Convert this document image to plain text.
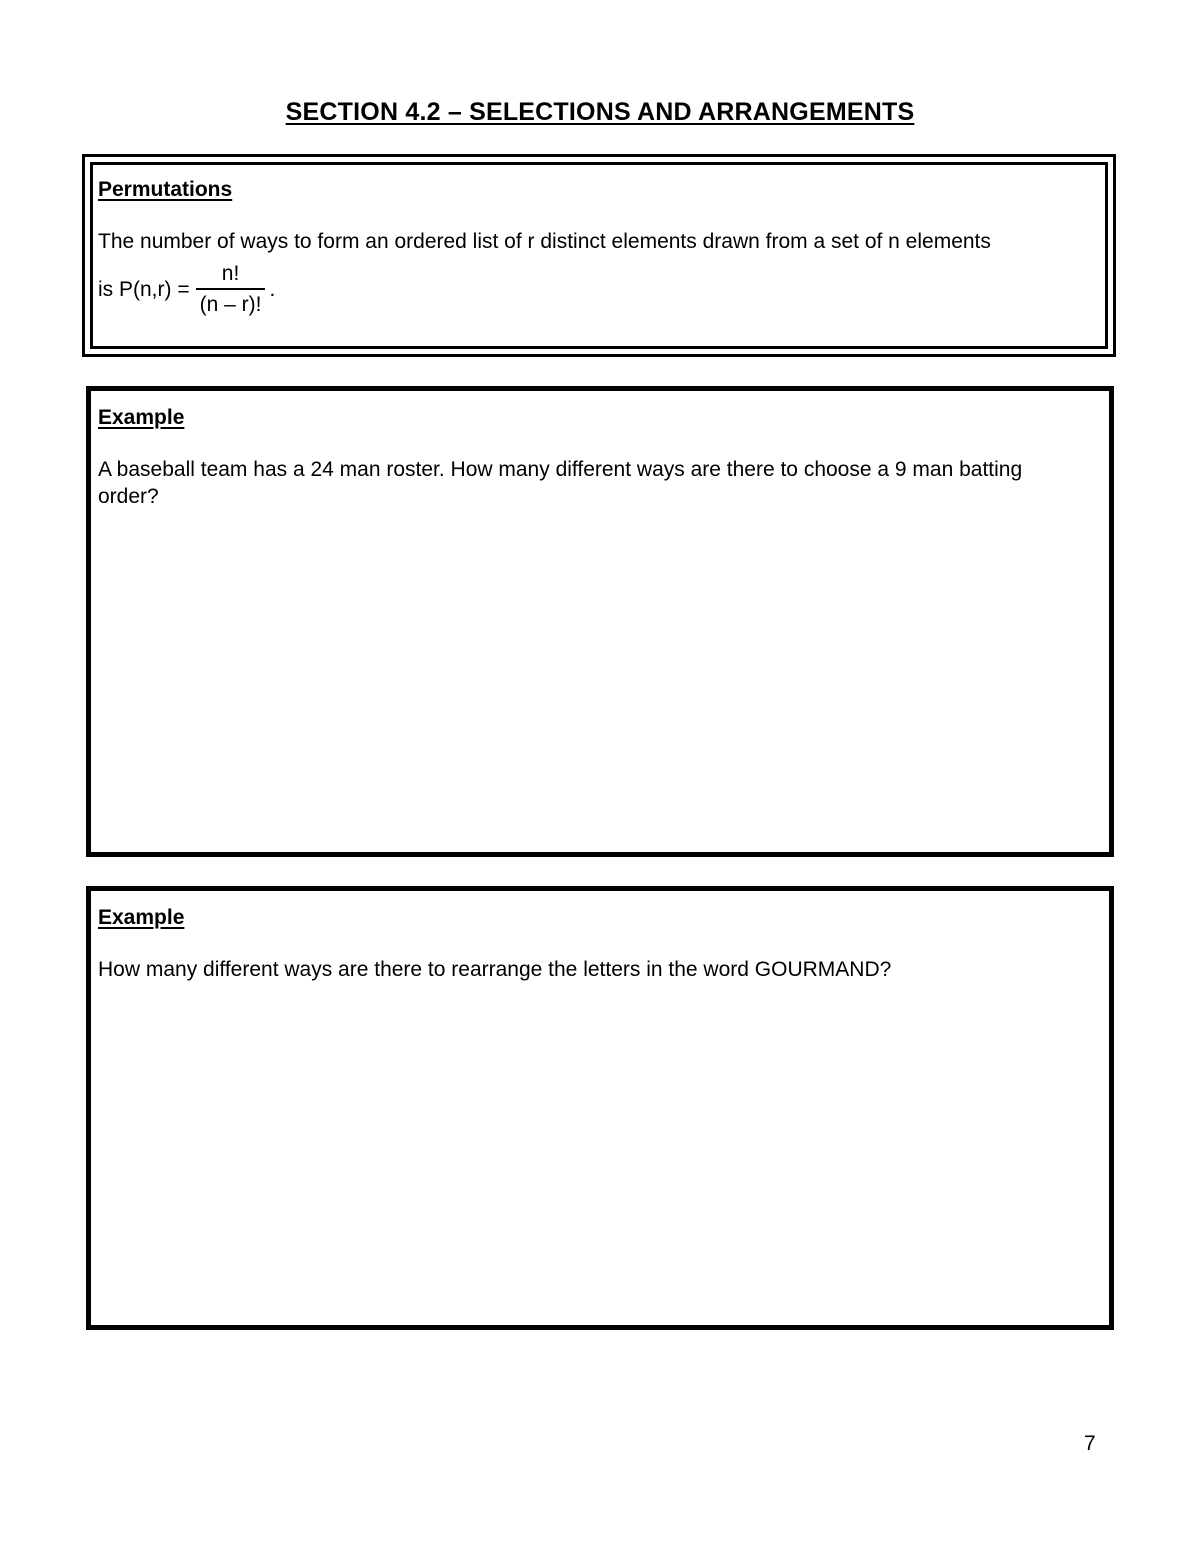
SECTION 4.2 – SELECTIONS AND ARRANGEMENTS
Permutations
The number of ways to form an ordered list of r distinct elements drawn from a set of n elements
is $P(n,r) = \frac{n!}{(n - r)!}$ .
Example
A baseball team has a 24 man roster. How many different ways are there to choose a 9 man batting order?
Example
How many different ways are there to rearrange the letters in the word GOURMAND?
7
